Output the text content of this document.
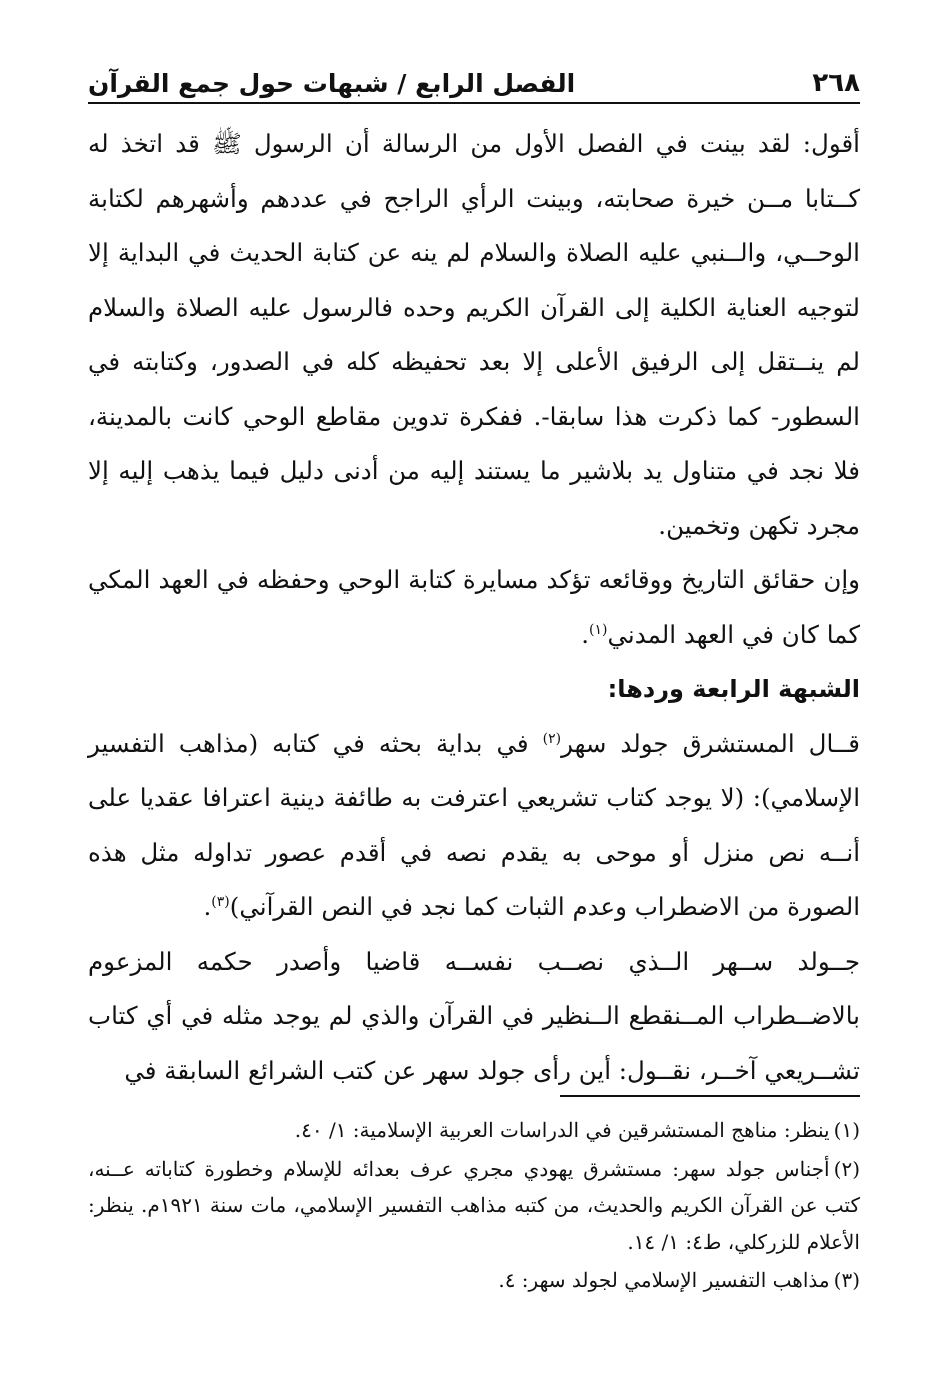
٢٦٨
الفصل الرابع / شبهات حول جمع القرآن

أقول: لقد بينت في الفصل الأول من الرسالة أن الرسول ﷺ قد اتخذ له كــتابا مــن خيرة صحابته، وبينت الرأي الراجح في عددهم وأشهرهم لكتابة الوحــي، والــنبي عليه الصلاة والسلام لم ينه عن كتابة الحديث في البداية إلا لتوجيه العناية الكلية إلى القرآن الكريم وحده فالرسول عليه الصلاة والسلام لم ينــتقل إلى الرفيق الأعلى إلا بعد تحفيظه كله في الصدور، وكتابته في السطور- كما ذكرت هذا سابقا-. ففكرة تدوين مقاطع الوحي كانت بالمدينة، فلا نجد في متناول يد بلاشير ما يستند إليه من أدنى دليل فيما يذهب إليه إلا مجرد تكهن وتخمين.

وإن حقائق التاريخ ووقائعه تؤكد مسايرة كتابة الوحي وحفظه في العهد المكي كما كان في العهد المدني$^{(١)}$.

الشبهة الرابعة وردها:

قــال المستشرق جولد سهر$^{(٢)}$ في بداية بحثه في كتابه (مذاهب التفسير الإسلامي): (لا يوجد كتاب تشريعي اعترفت به طائفة دينية اعترافا عقديا على أنــه نص منزل أو موحى به يقدم نصه في أقدم عصور تداوله مثل هذه الصورة من الاضطراب وعدم الثبات كما نجد في النص القرآني)$^{(٣)}$.

جــولد ســهر الــذي نصــب نفســه قاضيا وأصدر حكمه المزعوم بالاضــطراب المــنقطع الــنظير في القرآن والذي لم يوجد مثله في أي كتاب تشــريعي آخــر، نقــول: أين رأى جولد سهر عن كتب الشرائع السابقة في

(١)ينظر: مناهج المستشرقين في الدراسات العربية الإسلامية: ١/ ٤٠.

(٢)أجناس جولد سهر: مستشرق يهودي مجري عرف بعدائه للإسلام وخطورة كتاباته عــنه، كتب عن القرآن الكريم والحديث، من كتبه مذاهب التفسير الإسلامي، مات سنة ١٩٢١م. ينظر: الأعلام للزركلي، ط٤: ١/ ١٤.

(٣)مذاهب التفسير الإسلامي لجولد سهر: ٤.
